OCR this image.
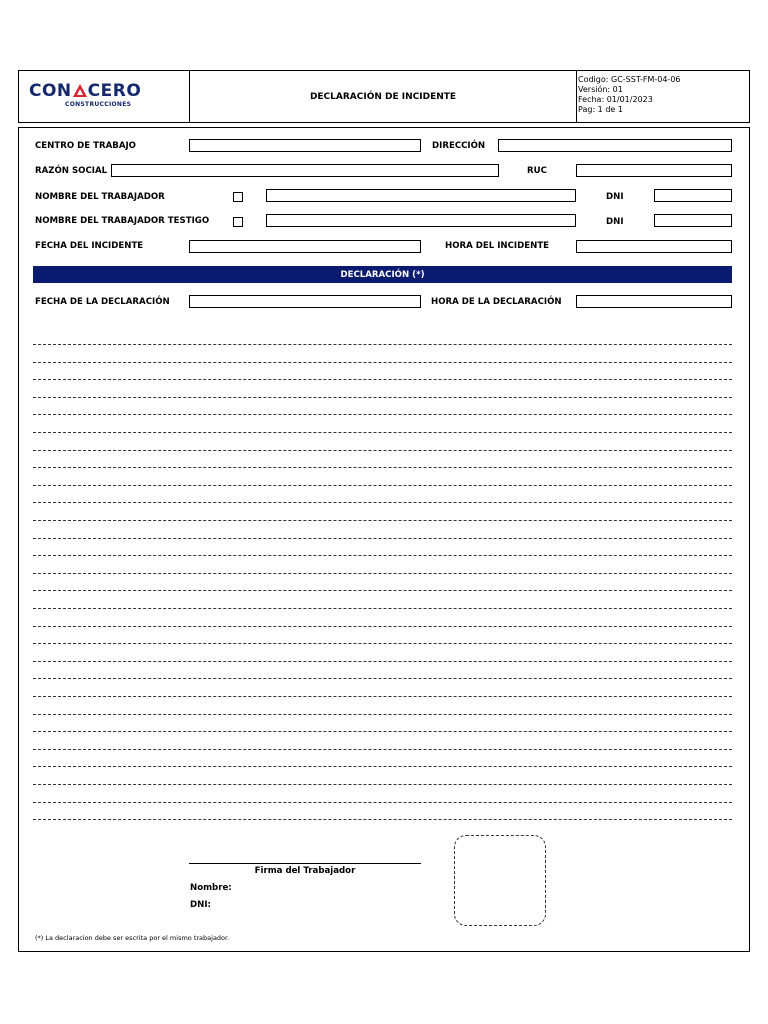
CON CERO
CONSTRUCCIONES
DECLARACIÓN DE INCIDENTE
Codigo: GC-SST-FM-04-06
Versión: 01
Fecha: 01/01/2023
Pag: 1 de 1
CENTRO DE TRABAJO	DIRECCIÓN
RAZÓN SOCIAL	RUC
NOMBRE DEL TRABAJADOR	DNI
NOMBRE DEL TRABAJADOR TESTIGO	DNI
FECHA DEL INCIDENTE	HORA DEL INCIDENTE
DECLARACIÓN (*)
FECHA DE LA DECLARACIÓN	HORA DE LA DECLARACIÓN
Firma del Trabajador
Nombre:
DNI:
(*) La declaracion debe ser escrita por el mismo trabajador.
